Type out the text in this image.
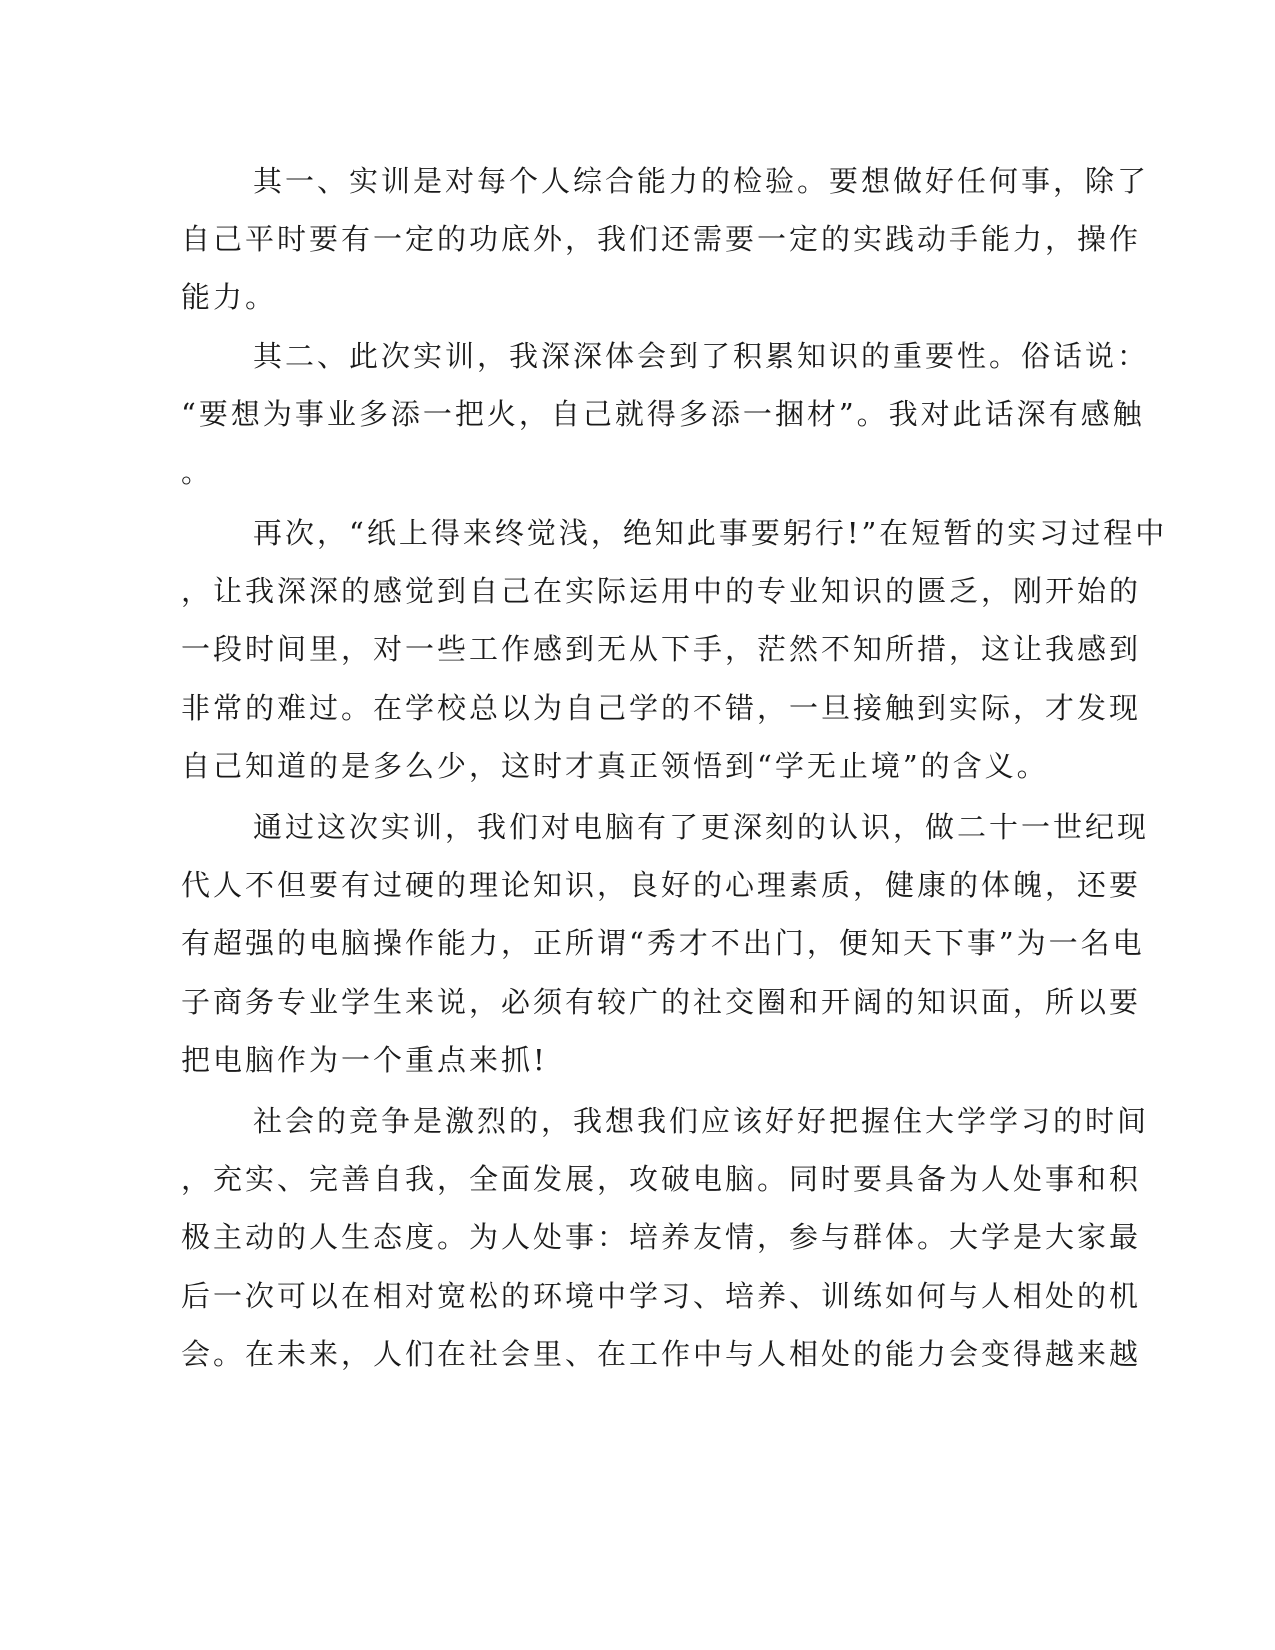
其一、实训是对每个人综合能力的检验。要想做好任何事，除了
自己平时要有一定的功底外，我们还需要一定的实践动手能力，操作
能力。
其二、此次实训，我深深体会到了积累知识的重要性。俗话说：
“要想为事业多添一把火，自己就得多添一捆材”。我对此话深有感触
。
再次，“纸上得来终觉浅，绝知此事要躬行!”在短暂的实习过程中
，让我深深的感觉到自己在实际运用中的专业知识的匮乏，刚开始的
一段时间里，对一些工作感到无从下手，茫然不知所措，这让我感到
非常的难过。在学校总以为自己学的不错，一旦接触到实际，才发现
自己知道的是多么少，这时才真正领悟到“学无止境”的含义。
通过这次实训，我们对电脑有了更深刻的认识，做二十一世纪现
代人不但要有过硬的理论知识，良好的心理素质，健康的体魄，还要
有超强的电脑操作能力，正所谓“秀才不出门，便知天下事”为一名电
子商务专业学生来说，必须有较广的社交圈和开阔的知识面，所以要
把电脑作为一个重点来抓!
社会的竞争是激烈的，我想我们应该好好把握住大学学习的时间
，充实、完善自我，全面发展，攻破电脑。同时要具备为人处事和积
极主动的人生态度。为人处事：培养友情，参与群体。大学是大家最
后一次可以在相对宽松的环境中学习、培养、训练如何与人相处的机
会。在未来，人们在社会里、在工作中与人相处的能力会变得越来越
